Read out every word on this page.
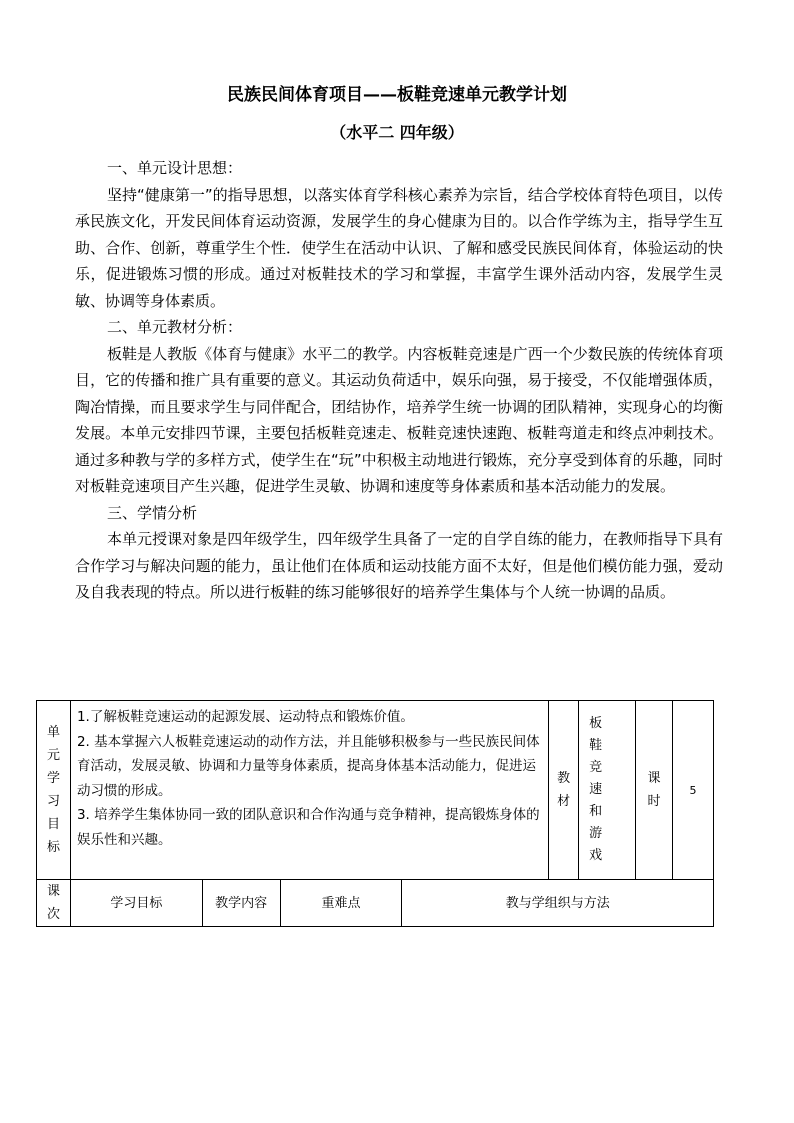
民族民间体育项目——板鞋竞速单元教学计划
（水平二 四年级）

一、单元设计思想：

坚持“健康第一”的指导思想，以落实体育学科核心素养为宗旨，结合学校体育特色项目，以传承民族文化，开发民间体育运动资源，发展学生的身心健康为目的。以合作学练为主，指导学生互助、合作、创新，尊重学生个性．使学生在活动中认识、了解和感受民族民间体育，体验运动的快乐，促进锻炼习惯的形成。通过对板鞋技术的学习和掌握，丰富学生课外活动内容，发展学生灵敏、协调等身体素质。

二、单元教材分析：

板鞋是人教版《体育与健康》水平二的教学。内容板鞋竞速是广西一个少数民族的传统体育项目，它的传播和推广具有重要的意义。其运动负荷适中，娱乐向强，易于接受，不仅能增强体质，陶冶情操，而且要求学生与同伴配合，团结协作，培养学生统一协调的团队精神，实现身心的均衡发展。本单元安排四节课，主要包括板鞋竞速走、板鞋竞速快速跑、板鞋弯道走和终点冲刺技术。通过多种教与学的多样方式，使学生在“玩”中积极主动地进行锻炼，充分享受到体育的乐趣，同时对板鞋竞速项目产生兴趣，促进学生灵敏、协调和速度等身体素质和基本活动能力的发展。

三、学情分析

本单元授课对象是四年级学生，四年级学生具备了一定的自学自练的能力，在教师指导下具有合作学习与解决问题的能力，虽让他们在体质和运动技能方面不太好，但是他们模仿能力强，爱动及自我表现的特点。所以进行板鞋的练习能够很好的培养学生集体与个人统一协调的品质。

单元学习目标	1.了解板鞋竞速运动的起源发展、运动特点和锻炼价值。
2. 基本掌握六人板鞋竞速运动的动作方法，并且能够积极参与一些民族民间体育活动，发展灵敏、协调和力量等身体素质，提高身体基本活动能力，促进运动习惯的形成。
3. 培养学生集体协同一致的团队意识和合作沟通与竞争精神，提高锻炼身体的娱乐性和兴趣。				教材	板鞋竞速和游戏	课时	5

课次	学习目标	教学内容	重难点	教与学组织与方法				
